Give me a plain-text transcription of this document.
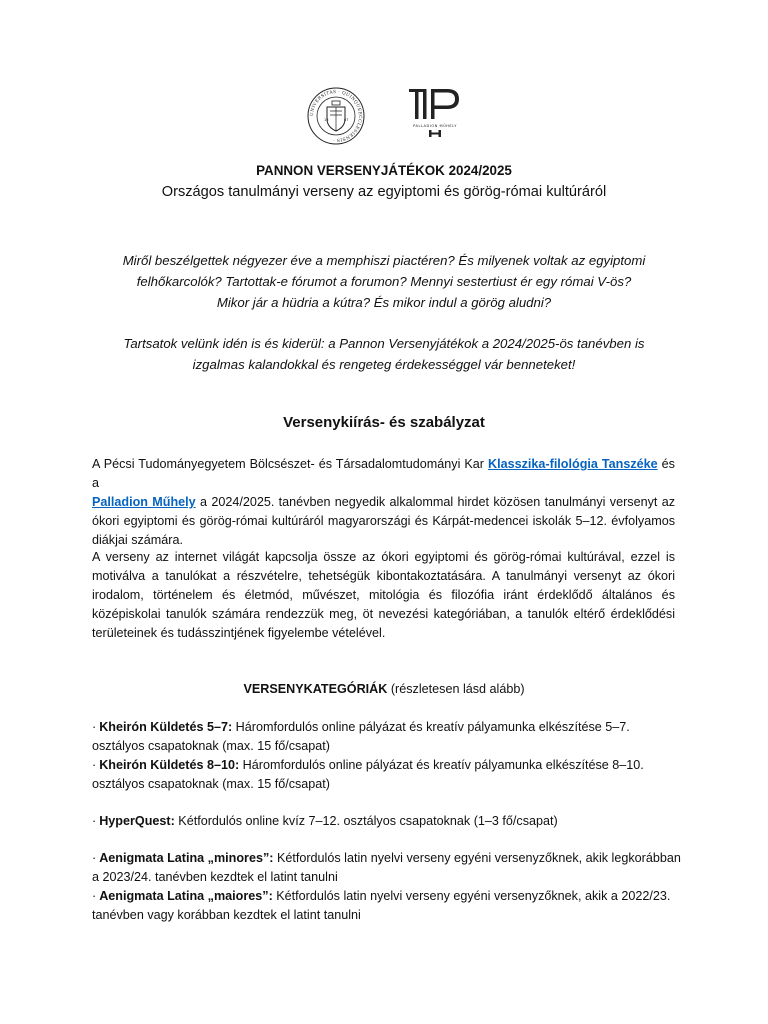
UNIVERSITAS · QUINQUEECCLESIENSIS ·
13	67
PALLADION MŰHELY
PANNON VERSENYJÁTÉKOK 2024/2025
Országos tanulmányi verseny az egyiptomi és görög-római kultúráról

Miről beszélgettek négyezer éve a memphiszi piactéren? És milyenek voltak az egyiptomi

felhőkarcolók? Tartottak-e fórumot a forumon? Mennyi sestertiust ér egy római V-ös?

Mikor jár a hüdria a kútra? És mikor indul a görög aludni?

Tartsatok velünk idén is és kiderül: a Pannon Versenyjátékok a 2024/2025-ös tanévben is

izgalmas kalandokkal és rengeteg érdekességgel vár benneteket!

Versenykiírás- és szabályzat

A Pécsi Tudományegyetem Bölcsészet- és Társadalomtudományi Kar Klasszika-filológia Tanszéke és a
Palladion Műhely a 2024/2025. tanévben negyedik alkalommal hirdet közösen tanulmányi versenyt az ókori egyiptomi és görög-római kultúráról magyarországi és Kárpát-medencei iskolák 5–12. évfolyamos diákjai számára.

A verseny az internet világát kapcsolja össze az ókori egyiptomi és görög-római kultúrával, ezzel is motiválva a tanulókat a részvételre, tehetségük kibontakoztatására. A tanulmányi versenyt az ókori irodalom, történelem és életmód, művészet, mitológia és filozófia iránt érdeklődő általános és középiskolai tanulók számára rendezzük meg, öt nevezési kategóriában, a tanulók eltérő érdeklődési területeinek és tudásszintjének figyelembe vételével.

VERSENYKATEGÓRIÁK (részletesen lásd alább)

· Kheirón Küldetés 5–7: Háromfordulós online pályázat és kreatív pályamunka elkészítése 5–7. osztályos csapatoknak (max. 15 fő/csapat)

· Kheirón Küldetés 8–10: Háromfordulós online pályázat és kreatív pályamunka elkészítése 8–10. osztályos csapatoknak (max. 15 fő/csapat)

· HyperQuest: Kétfordulós online kvíz 7–12. osztályos csapatoknak (1–3 fő/csapat)

· Aenigmata Latina „minores”: Kétfordulós latin nyelvi verseny egyéni versenyzőknek, akik legkorábban a 2023/24. tanévben kezdtek el latint tanulni

· Aenigmata Latina „maiores”: Kétfordulós latin nyelvi verseny egyéni versenyzőknek, akik a 2022/23. tanévben vagy korábban kezdtek el latint tanulni
